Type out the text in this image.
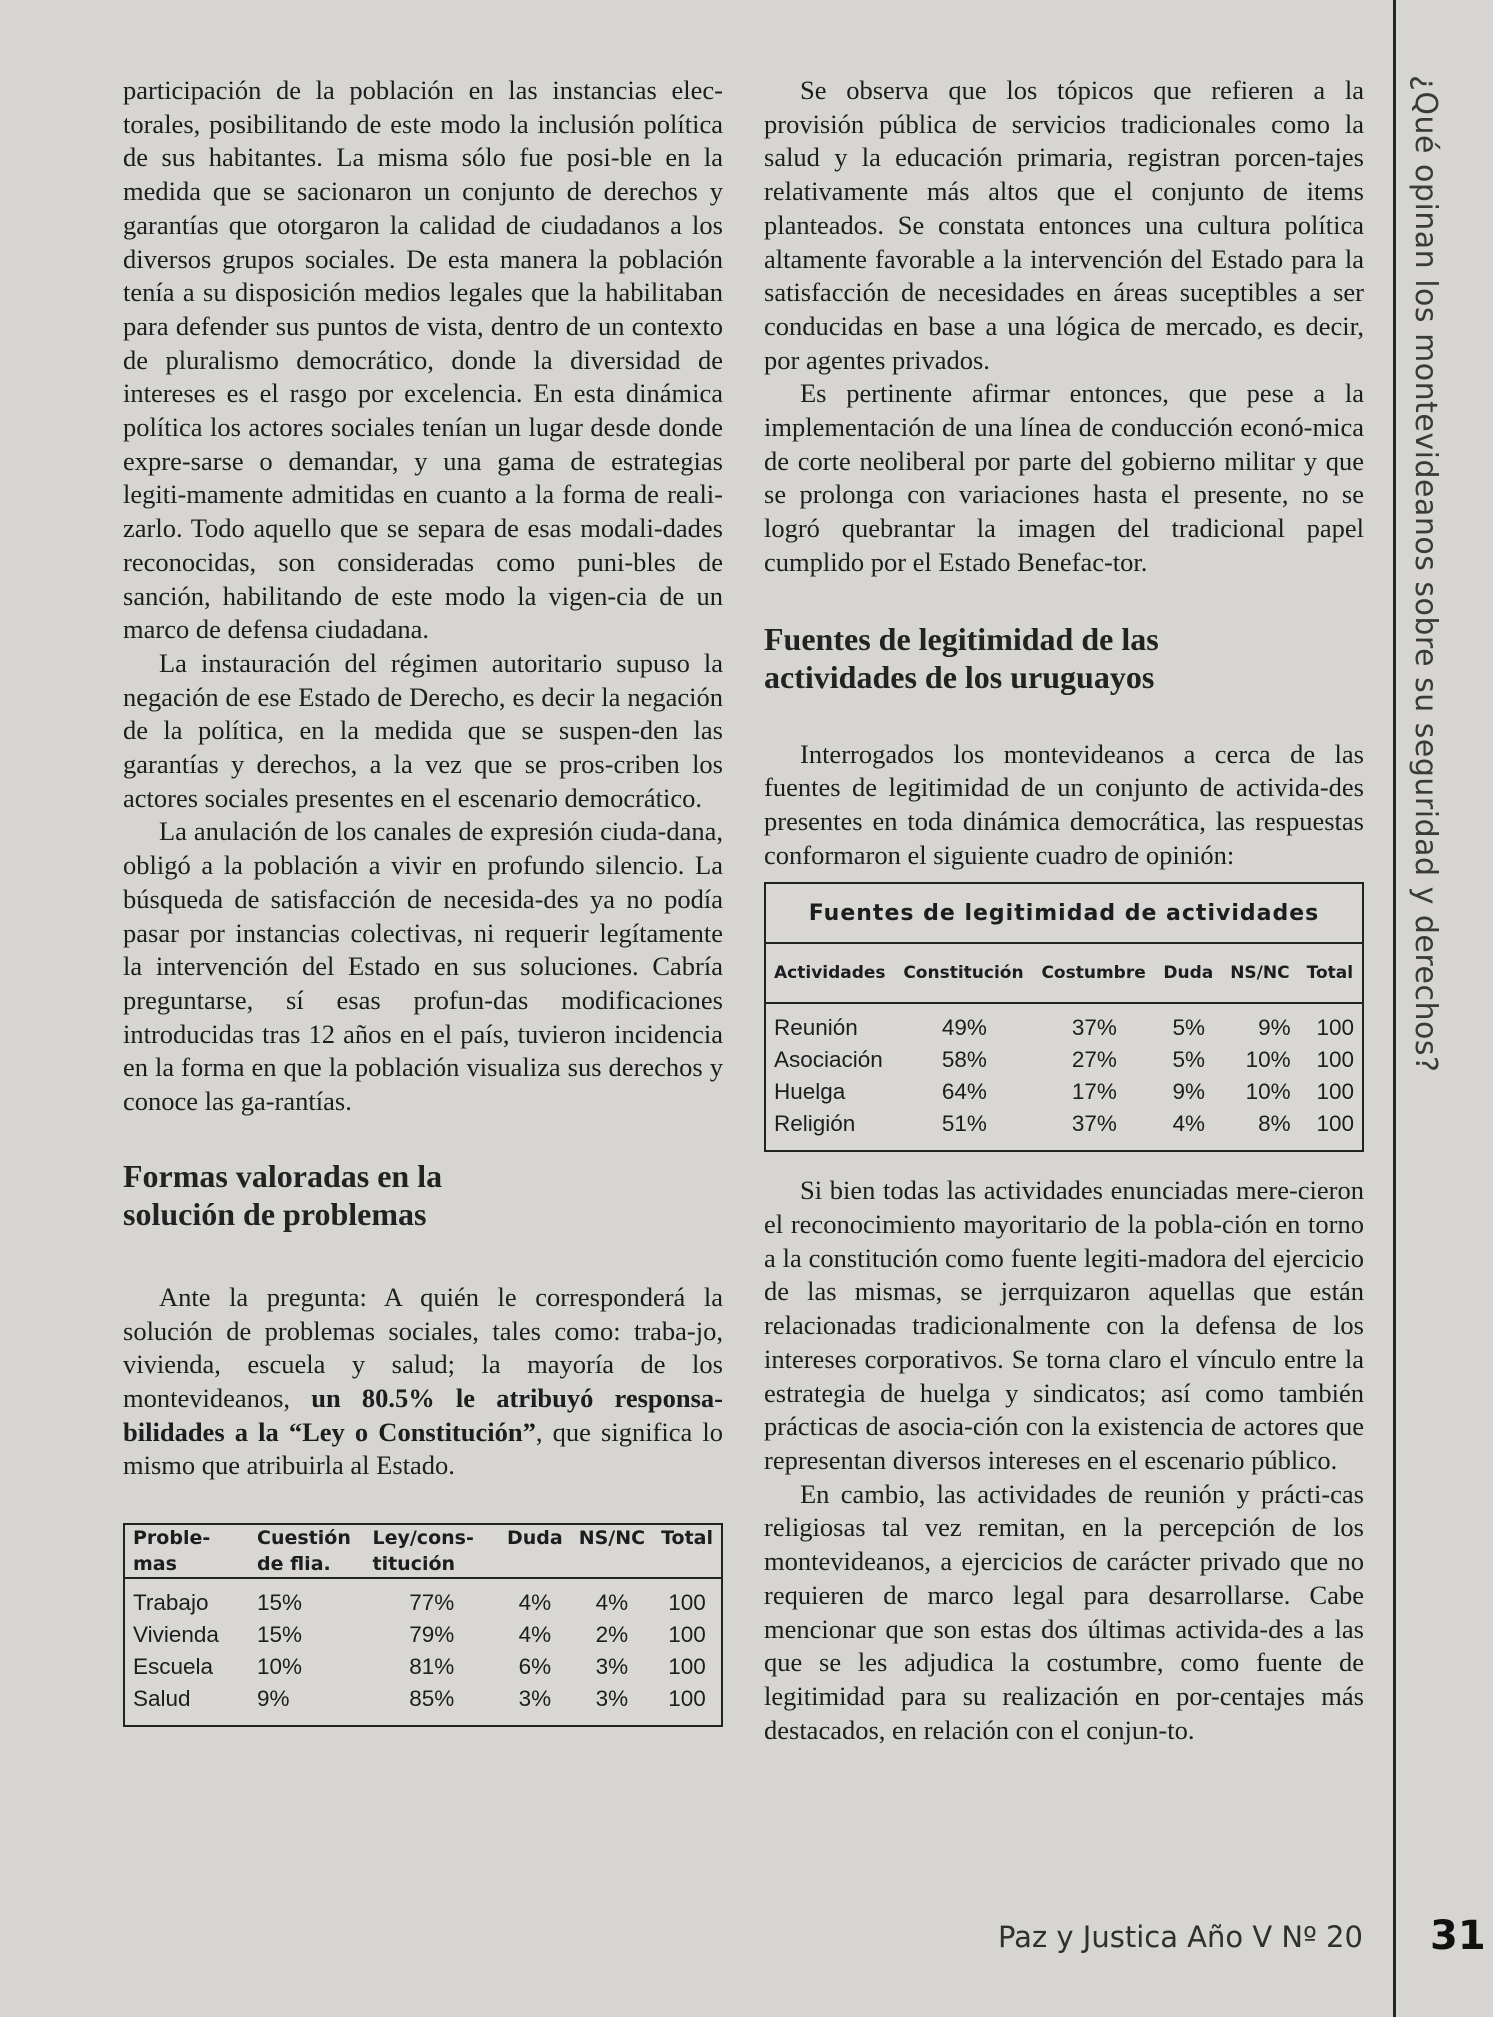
participación de la población en las instancias elec-torales, posibilitando de este modo la inclusión política de sus habitantes. La misma sólo fue posi-ble en la medida que se sacionaron un conjunto de derechos y garantías que otorgaron la calidad de ciudadanos a los diversos grupos sociales. De esta manera la población tenía a su disposición medios legales que la habilitaban para defender sus puntos de vista, dentro de un contexto de pluralismo democrático, donde la diversidad de intereses es el rasgo por excelencia. En esta dinámica política los actores sociales tenían un lugar desde donde expre-sarse o demandar, y una gama de estrategias legiti-mamente admitidas en cuanto a la forma de reali-zarlo. Todo aquello que se separa de esas modali-dades reconocidas, son consideradas como puni-bles de sanción, habilitando de este modo la vigen-cia de un marco de defensa ciudadana.

La instauración del régimen autoritario supuso la negación de ese Estado de Derecho, es decir la negación de la política, en la medida que se suspen-den las garantías y derechos, a la vez que se pros-criben los actores sociales presentes en el escenario democrático.

La anulación de los canales de expresión ciuda-dana, obligó a la población a vivir en profundo silencio. La búsqueda de satisfacción de necesida-des ya no podía pasar por instancias colectivas, ni requerir legítamente la intervención del Estado en sus soluciones. Cabría preguntarse, sí esas profun-das modificaciones introducidas tras 12 años en el país, tuvieron incidencia en la forma en que la población visualiza sus derechos y conoce las ga-rantías.

Formas valoradas en la solución de problemas

Ante la pregunta: A quién le corresponderá la solución de problemas sociales, tales como: traba-jo, vivienda, escuela y salud; la mayoría de los montevideanos, un 80.5% le atribuyó responsa-bilidades a la “Ley o Constitución”, que significa lo mismo que atribuirla al Estado.

Proble-mas	Cuestión de flia.	Ley/cons-titución	Duda	NS/NC	Total
Trabajo	15%	77%	4%	4%	100
Vivienda	15%	79%	4%	2%	100
Escuela	10%	81%	6%	3%	100
Salud	9%	85%	3%	3%	100

Se observa que los tópicos que refieren a la provisión pública de servicios tradicionales como la salud y la educación primaria, registran porcen-tajes relativamente más altos que el conjunto de items planteados. Se constata entonces una cultura política altamente favorable a la intervención del Estado para la satisfacción de necesidades en áreas suceptibles a ser conducidas en base a una lógica de mercado, es decir, por agentes privados.

Es pertinente afirmar entonces, que pese a la implementación de una línea de conducción econó-mica de corte neoliberal por parte del gobierno militar y que se prolonga con variaciones hasta el presente, no se logró quebrantar la imagen del tradicional papel cumplido por el Estado Benefac-tor.

Fuentes de legitimidad de las actividades de los uruguayos

Interrogados los montevideanos a cerca de las fuentes de legitimidad de un conjunto de activida-des presentes en toda dinámica democrática, las respuestas conformaron el siguiente cuadro de opinión:

Fuentes de legitimidad de actividades					
Actividades	Constitución	Costumbre	Duda	NS/NC	Total
Reunión	49%	37%	5%	9%	100
Asociación	58%	27%	5%	10%	100
Huelga	64%	17%	9%	10%	100
Religión	51%	37%	4%	8%	100

Si bien todas las actividades enunciadas mere-cieron el reconocimiento mayoritario de la pobla-ción en torno a la constitución como fuente legiti-madora del ejercicio de las mismas, se jerrquizaron aquellas que están relacionadas tradicionalmente con la defensa de los intereses corporativos. Se torna claro el vínculo entre la estrategia de huelga y sindicatos; así como también prácticas de asocia-ción con la existencia de actores que representan diversos intereses en el escenario público.

En cambio, las actividades de reunión y prácti-cas religiosas tal vez remitan, en la percepción de los montevideanos, a ejercicios de carácter privado que no requieren de marco legal para desarrollarse. Cabe mencionar que son estas dos últimas activida-des a las que se les adjudica la costumbre, como fuente de legitimidad para su realización en por-centajes más destacados, en relación con el conjun-to.

¿Qué opinan los montevideanos sobre su seguridad y derechos?
Paz y Justica Año V Nº 20 31
